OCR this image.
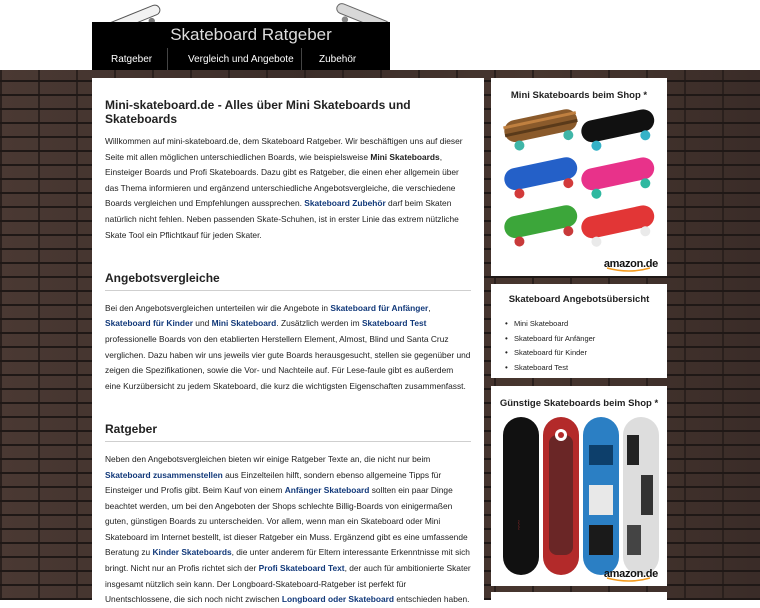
Skateboard Ratgeber
Ratgeber	Vergleich und Angebote	Zubehör
Mini-skateboard.de - Alles über Mini Skateboards und Skateboards

Willkommen auf mini-skateboard.de, dem Skateboard Ratgeber. Wir beschäftigen uns auf dieser Seite mit allen möglichen unterschiedlichen Boards, wie beispielsweise Mini Skateboards, Einsteiger Boards und Profi Skateboards. Dazu gibt es Ratgeber, die einen eher allgemein über das Thema informieren und ergänzend unterschiedliche Angebotsvergleiche, die verschiedene Boards vergleichen und Empfehlungen aussprechen. Skateboard Zubehör darf beim Skaten natürlich nicht fehlen. Neben passenden Skate-Schuhen, ist in erster Linie das extrem nützliche Skate Tool ein Pflichtkauf für jeden Skater.

Angebotsvergleiche

Bei den Angebotsvergleichen unterteilen wir die Angebote in Skateboard für Anfänger, Skateboard für Kinder und Mini Skateboard. Zusätzlich werden im Skateboard Test professionelle Boards von den etablierten Herstellern Element, Almost, Blind und Santa Cruz verglichen. Dazu haben wir uns jeweils vier gute Boards herausgesucht, stellen sie gegenüber und zeigen die Spezifikationen, sowie die Vor- und Nachteile auf. Für Lese-faule gibt es außerdem eine Kurzübersicht zu jedem Skateboard, die kurz die wichtigsten Eigenschaften zusammenfasst.

Ratgeber

Neben den Angebotsvergleichen bieten wir einige Ratgeber Texte an, die nicht nur beim Skateboard zusammenstellen aus Einzelteilen hilft, sondern ebenso allgemeine Tipps für Einsteiger und Profis gibt. Beim Kauf von einem Anfänger Skateboard sollten ein paar Dinge beachtet werden, um bei den Angeboten der Shops schlechte Billig-Boards von einigermaßen guten, günstigen Boards zu unterscheiden. Vor allem, wenn man ein Skateboard oder Mini Skateboard im Internet bestellt, ist dieser Ratgeber ein Muss. Ergänzend gibt es eine umfassende Beratung zu Kinder Skateboards, die unter anderem für Eltern interessante Erkenntnisse mit sich bringt. Nicht nur an Profis richtet sich der Profi Skateboard Text, der auch für ambitionierte Skater insgesamt nützlich sein kann. Der Longboard-Skateboard-Ratgeber ist perfekt für Unentschlossene, die sich noch nicht zwischen Longboard oder Skateboard entschieden haben.

Mini Skateboards beim Shop *
amazon.de
Skateboard Angebotsübersicht
• Mini Skateboard
• Skateboard für Anfänger
• Skateboard für Kinder
• Skateboard Test
Günstige Skateboards beim Shop *
~~~
amazon.de
